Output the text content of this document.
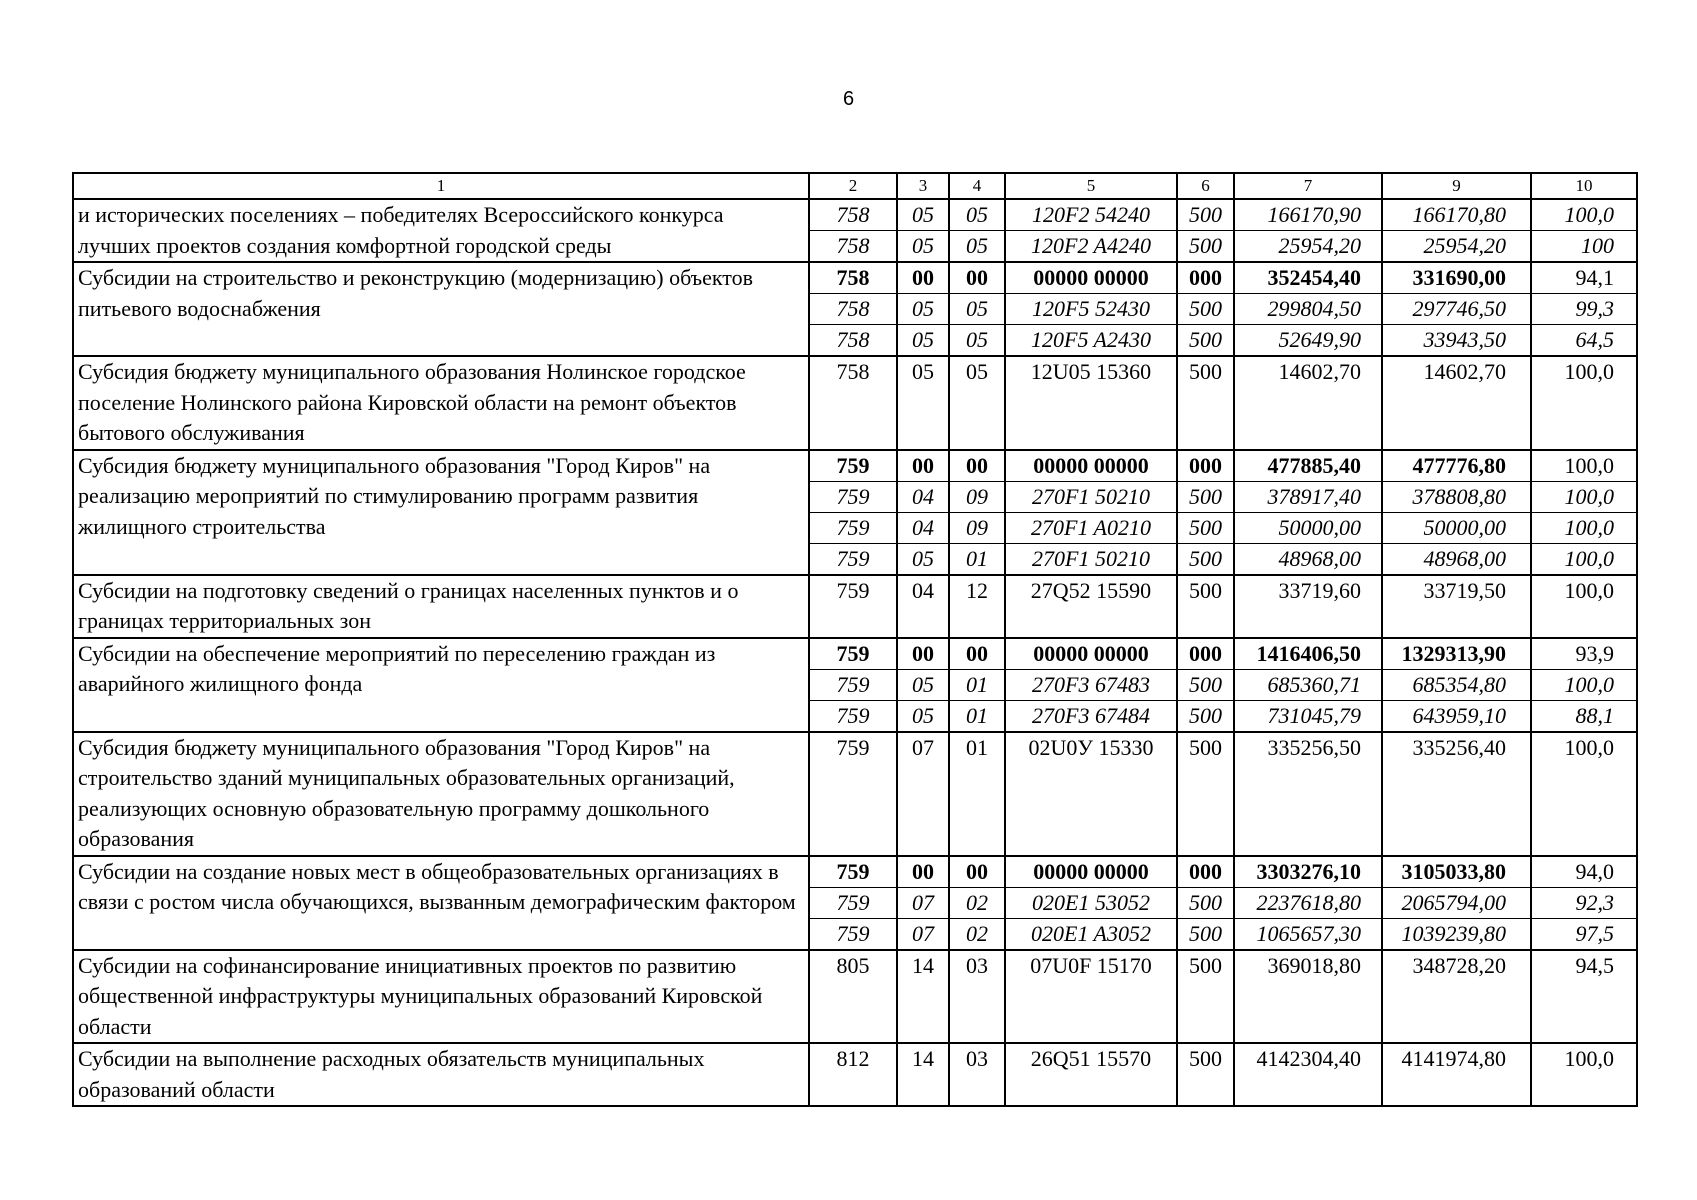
6
1	2	3	4	5	6	7	9	10
и исторических поселениях – победителях Всероссийского конкурса	758	05	05	120F2 54240	500	166170,90	166170,80	100,0
лучших проектов создания комфортной городской среды	758	05	05	120F2 A4240	500	25954,20	25954,20	100
Субсидии на строительство и реконструкцию (модернизацию) объектов питьевого водоснабжения	758	00	00	00000 00000	000	352454,40	331690,00	94,1
	758	05	05	120F5 52430	500	299804,50	297746,50	99,3
	758	05	05	120F5 A2430	500	52649,90	33943,50	64,5
Субсидия бюджету муниципального образования Нолинское городское поселение Нолинского района Кировской области на ремонт объектов бытового обслуживания	758	05	05	12U05 15360	500	14602,70	14602,70	100,0
Субсидия бюджету муниципального образования "Город Киров" на реализацию мероприятий по стимулированию программ развития жилищного строительства	759	00	00	00000 00000	000	477885,40	477776,80	100,0
	759	04	09	270F1 50210	500	378917,40	378808,80	100,0
	759	04	09	270F1 A0210	500	50000,00	50000,00	100,0
	759	05	01	270F1 50210	500	48968,00	48968,00	100,0
Субсидии на подготовку сведений о границах населенных пунктов и о границах территориальных зон	759	04	12	27Q52 15590	500	33719,60	33719,50	100,0
Субсидии на обеспечение мероприятий по переселению граждан из аварийного жилищного фонда	759	00	00	00000 00000	000	1416406,50	1329313,90	93,9
	759	05	01	270F3 67483	500	685360,71	685354,80	100,0
	759	05	01	270F3 67484	500	731045,79	643959,10	88,1
Субсидия бюджету муниципального образования "Город Киров" на строительство зданий муниципальных образовательных организаций, реализующих основную образовательную программу дошкольного образования	759	07	01	02U0У 15330	500	335256,50	335256,40	100,0
Субсидии на создание новых мест в общеобразовательных организациях в связи с ростом числа обучающихся, вызванным демографическим фактором	759	00	00	00000 00000	000	3303276,10	3105033,80	94,0
	759	07	02	020E1 53052	500	2237618,80	2065794,00	92,3
	759	07	02	020E1 A3052	500	1065657,30	1039239,80	97,5
Субсидии на софинансирование инициативных проектов по развитию общественной инфраструктуры муниципальных образований Кировской области	805	14	03	07U0F 15170	500	369018,80	348728,20	94,5
Субсидии на выполнение расходных обязательств муниципальных образований области	812	14	03	26Q51 15570	500	4142304,40	4141974,80	100,0
